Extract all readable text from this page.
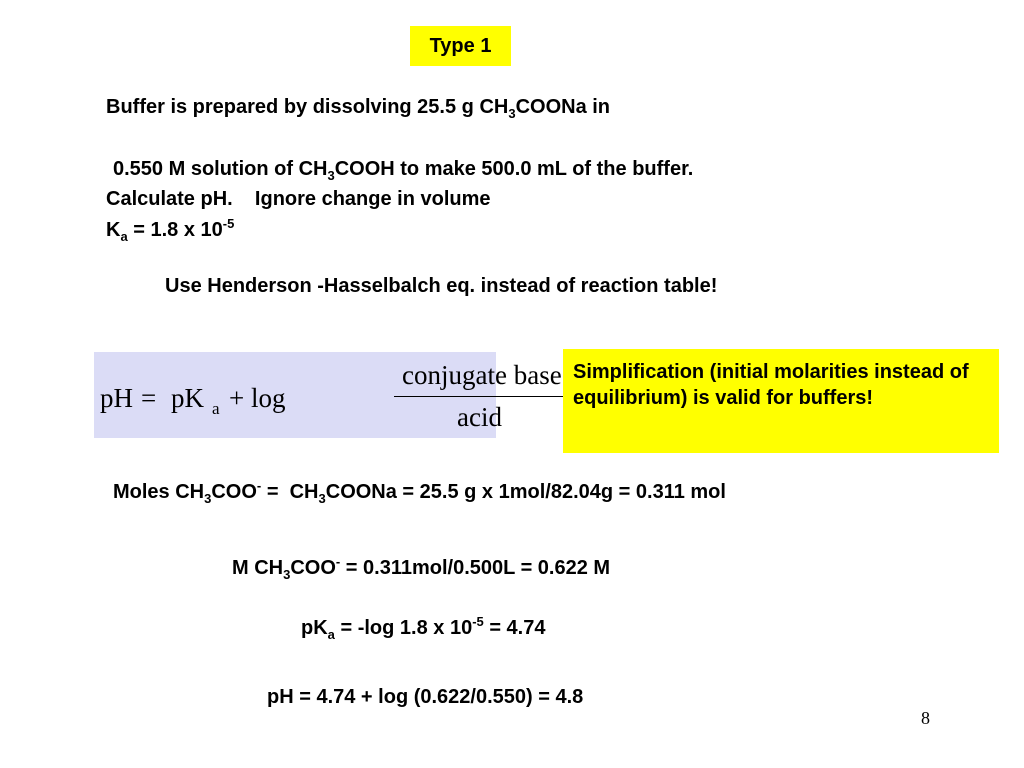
Type 1

Buffer is prepared by dissolving 25.5 g $CH_3COONa$ in

0.550 M solution of $CH_3COOH$ to make 500.0 mL of the buffer.

Calculate pH.    Ignore change in volume

$K_a = 1.8$ x $10^{-5}$

Use Henderson -Hasselbalch eq. instead of reaction table!

pH = pK a + log
conjugate base
acid
Simplification (initial molarities instead of equilibrium) is valid for buffers!

Moles $CH_3COO^-$ =  $CH_3COONa = 25.5$ g x 1mol/82.04g = 0.311 mol

M $CH_3COO^- = 0.311mol/0.500L = 0.622$ M

$pK_a = -\log$ 1.8 x $10^{-5} = 4.74$

pH = 4.74 + log (0.622/0.550) = 4.8

8
